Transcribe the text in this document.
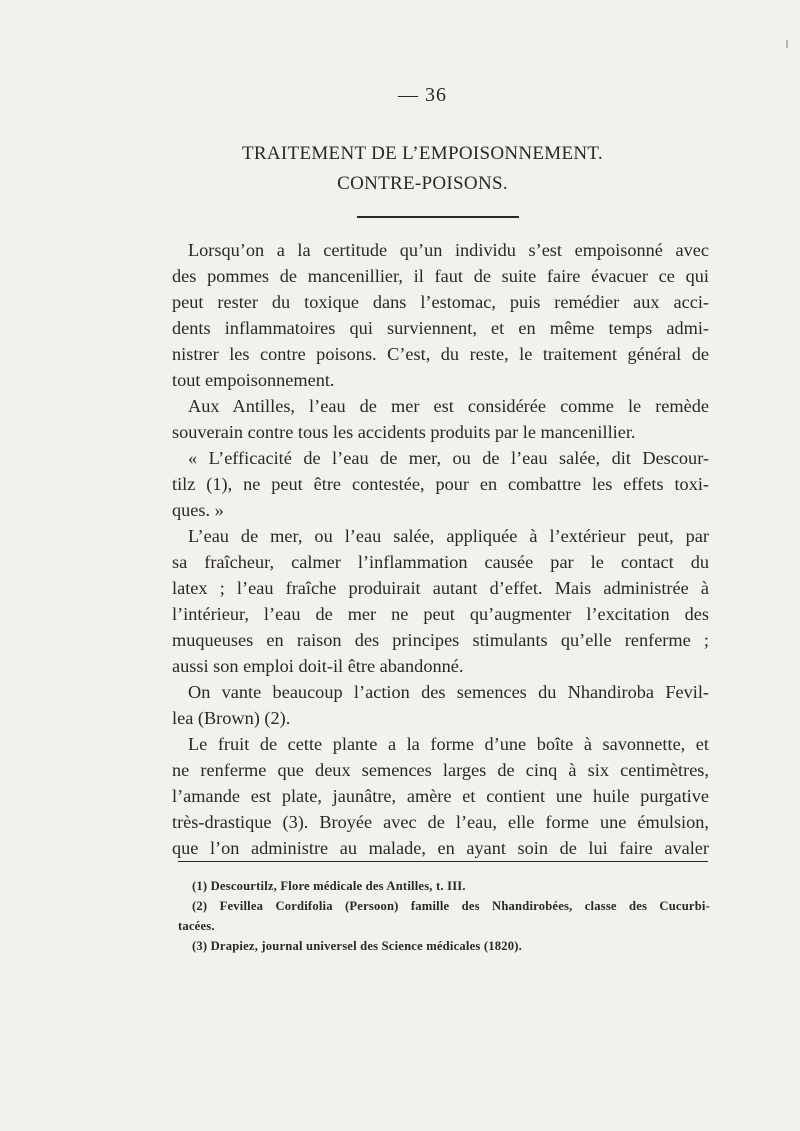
— 36
TRAITEMENT DE L’EMPOISONNEMENT.
CONTRE-POISONS.

Lorsqu’on a la certitude qu’un individu s’est empoisonné avec

des pommes de mancenillier, il faut de suite faire évacuer ce qui

peut rester du toxique dans l’estomac, puis remédier aux acci-

dents inflammatoires qui surviennent, et en même temps admi-

nistrer les contre poisons. C’est, du reste, le traitement général de

tout empoisonnement.

Aux Antilles, l’eau de mer est considérée comme le remède

souverain contre tous les accidents produits par le mancenillier.

« L’efficacité de l’eau de mer, ou de l’eau salée, dit Descour-

tilz (1), ne peut être contestée, pour en combattre les effets toxi-

ques. »

L’eau de mer, ou l’eau salée, appliquée à l’extérieur peut, par

sa fraîcheur, calmer l’inflammation causée par le contact du

latex ; l’eau fraîche produirait autant d’effet. Mais administrée à

l’intérieur, l’eau de mer ne peut qu’augmenter l’excitation des

muqueuses en raison des principes stimulants qu’elle renferme ;

aussi son emploi doit-il être abandonné.

On vante beaucoup l’action des semences du Nhandiroba Fevil-

lea (Brown) (2).

Le fruit de cette plante a la forme d’une boîte à savonnette, et

ne renferme que deux semences larges de cinq à six centimètres,

l’amande est plate, jaunâtre, amère et contient une huile purgative

très-drastique (3). Broyée avec de l’eau, elle forme une émulsion,

que l’on administre au malade, en ayant soin de lui faire avaler

(1) Descourtilz, Flore médicale des Antilles, t. III.

(2) Fevillea Cordifolia (Persoon) famille des Nhandirobées, classe des Cucurbi-

tacées.

(3) Drapiez, journal universel des Science médicales (1820).
